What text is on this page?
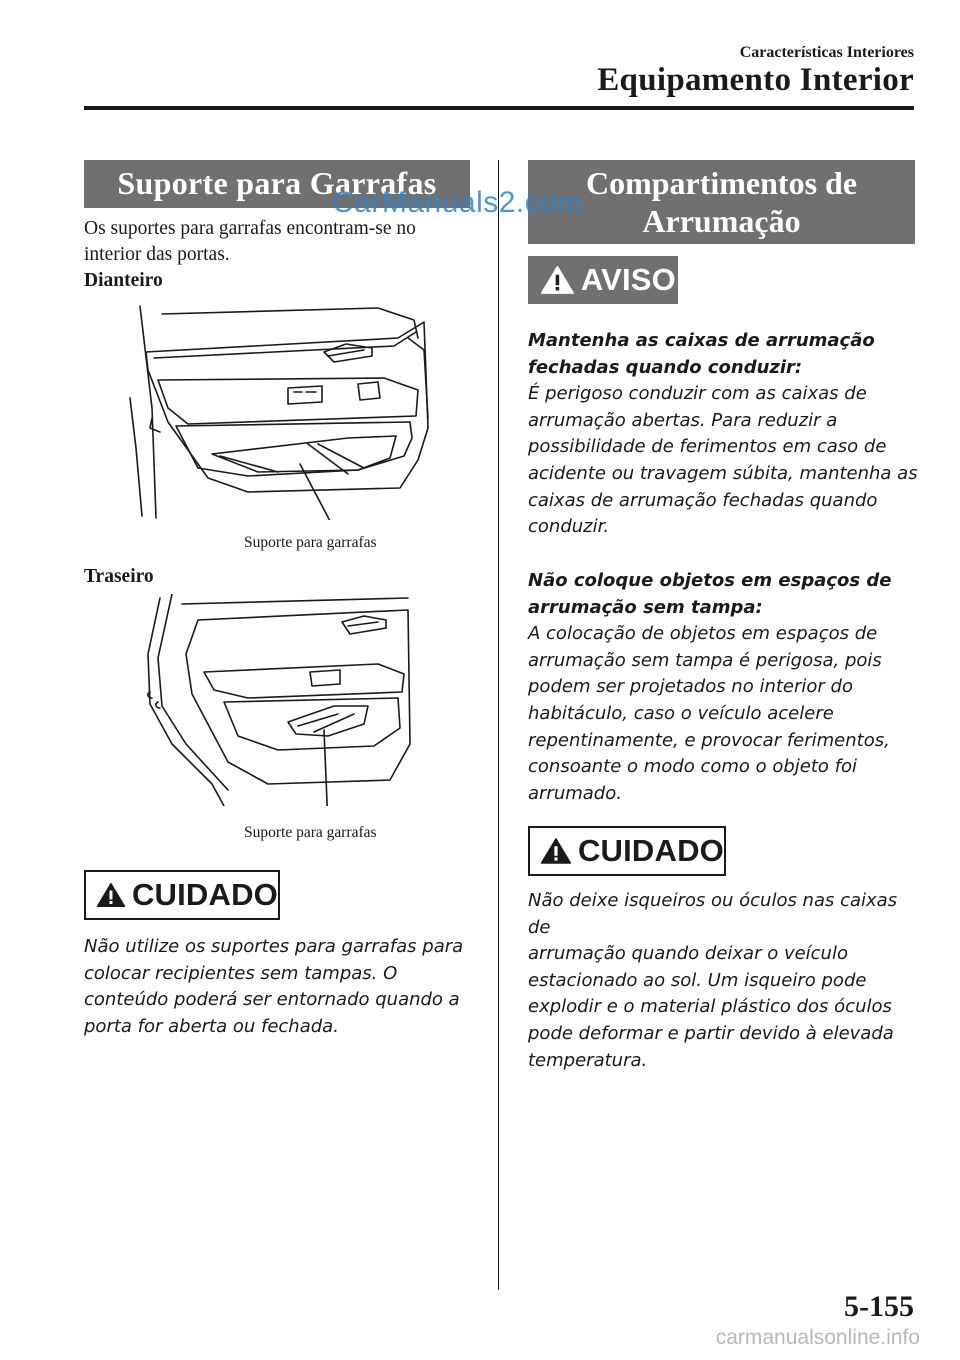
Características Interiores
Equipamento Interior
Suporte para Garrafas
Os suportes para garrafas encontram-se no interior das portas.
Dianteiro
Suporte para garrafas
Traseiro
Suporte para garrafas
CUIDADO
Não utilize os suportes para garrafas para
colocar recipientes sem tampas. O
conteúdo poderá ser entornado quando a
porta for aberta ou fechada.
Compartimentos de
Arrumação
AVISO
Mantenha as caixas de arrumação
fechadas quando conduzir:
É perigoso conduzir com as caixas de
arrumação abertas. Para reduzir a
possibilidade de ferimentos em caso de
acidente ou travagem súbita, mantenha as
caixas de arrumação fechadas quando
conduzir.
Não coloque objetos em espaços de
arrumação sem tampa:
A colocação de objetos em espaços de
arrumação sem tampa é perigosa, pois
podem ser projetados no interior do
habitáculo, caso o veículo acelere
repentinamente, e provocar ferimentos,
consoante o modo como o objeto foi
arrumado.
CUIDADO
Não deixe isqueiros ou óculos nas caixas de
arrumação quando deixar o veículo
estacionado ao sol. Um isqueiro pode
explodir e o material plástico dos óculos
pode deformar e partir devido à elevada
temperatura.
CarManuals2.com
5-155
carmanualsonline.info
